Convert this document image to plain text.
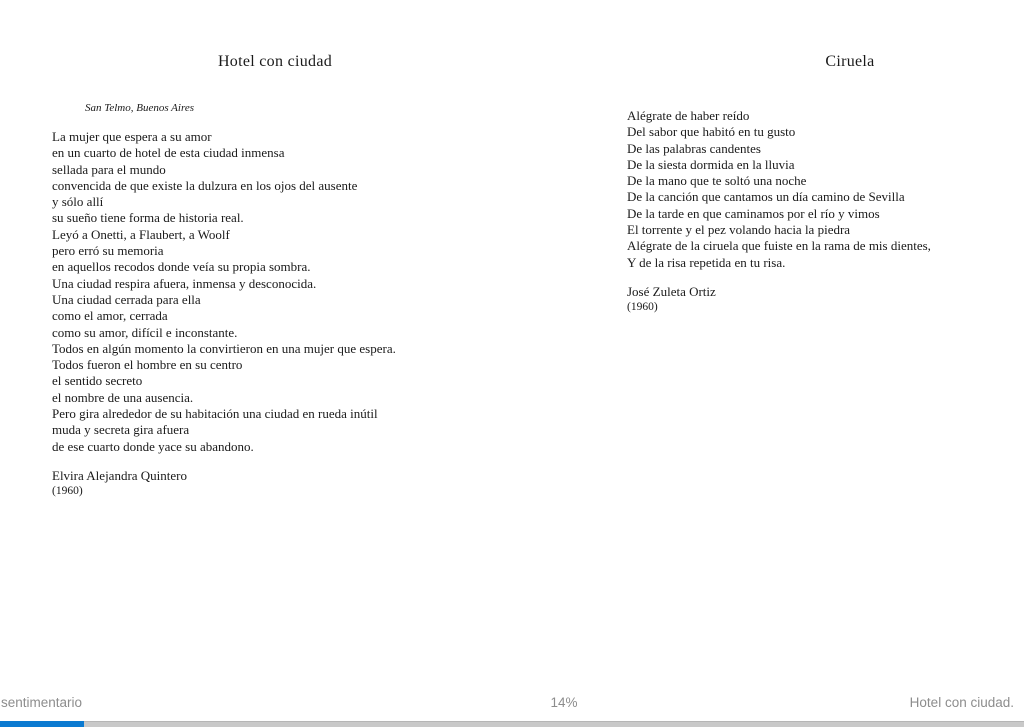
Hotel con ciudad
San Telmo, Buenos Aires
La mujer que espera a su amor
en un cuarto de hotel de esta ciudad inmensa
sellada para el mundo
convencida de que existe la dulzura en los ojos del ausente
y sólo allí
su sueño tiene forma de historia real.
Leyó a Onetti, a Flaubert, a Woolf
pero erró su memoria
en aquellos recodos donde veía su propia sombra.
Una ciudad respira afuera, inmensa y desconocida.
Una ciudad cerrada para ella
como el amor, cerrada
como su amor, difícil e inconstante.
Todos en algún momento la convirtieron en una mujer que espera.
Todos fueron el hombre en su centro
el sentido secreto
el nombre de una ausencia.
Pero gira alrededor de su habitación una ciudad en rueda inútil
muda y secreta gira afuera
de ese cuarto donde yace su abandono.
Elvira Alejandra Quintero
(1960)
Ciruela
Alégrate de haber reído
Del sabor que habitó en tu gusto
De las palabras candentes
De la siesta dormida en la lluvia
De la mano que te soltó una noche
De la canción que cantamos un día camino de Sevilla
De la tarde en que caminamos por el río y vimos
El torrente y el pez volando hacia la piedra
Alégrate de la ciruela que fuiste en la rama de mis dientes,
Y de la risa repetida en tu risa.
José Zuleta Ortiz
(1960)
sentimentario	14%	Hotel con ciudad.
